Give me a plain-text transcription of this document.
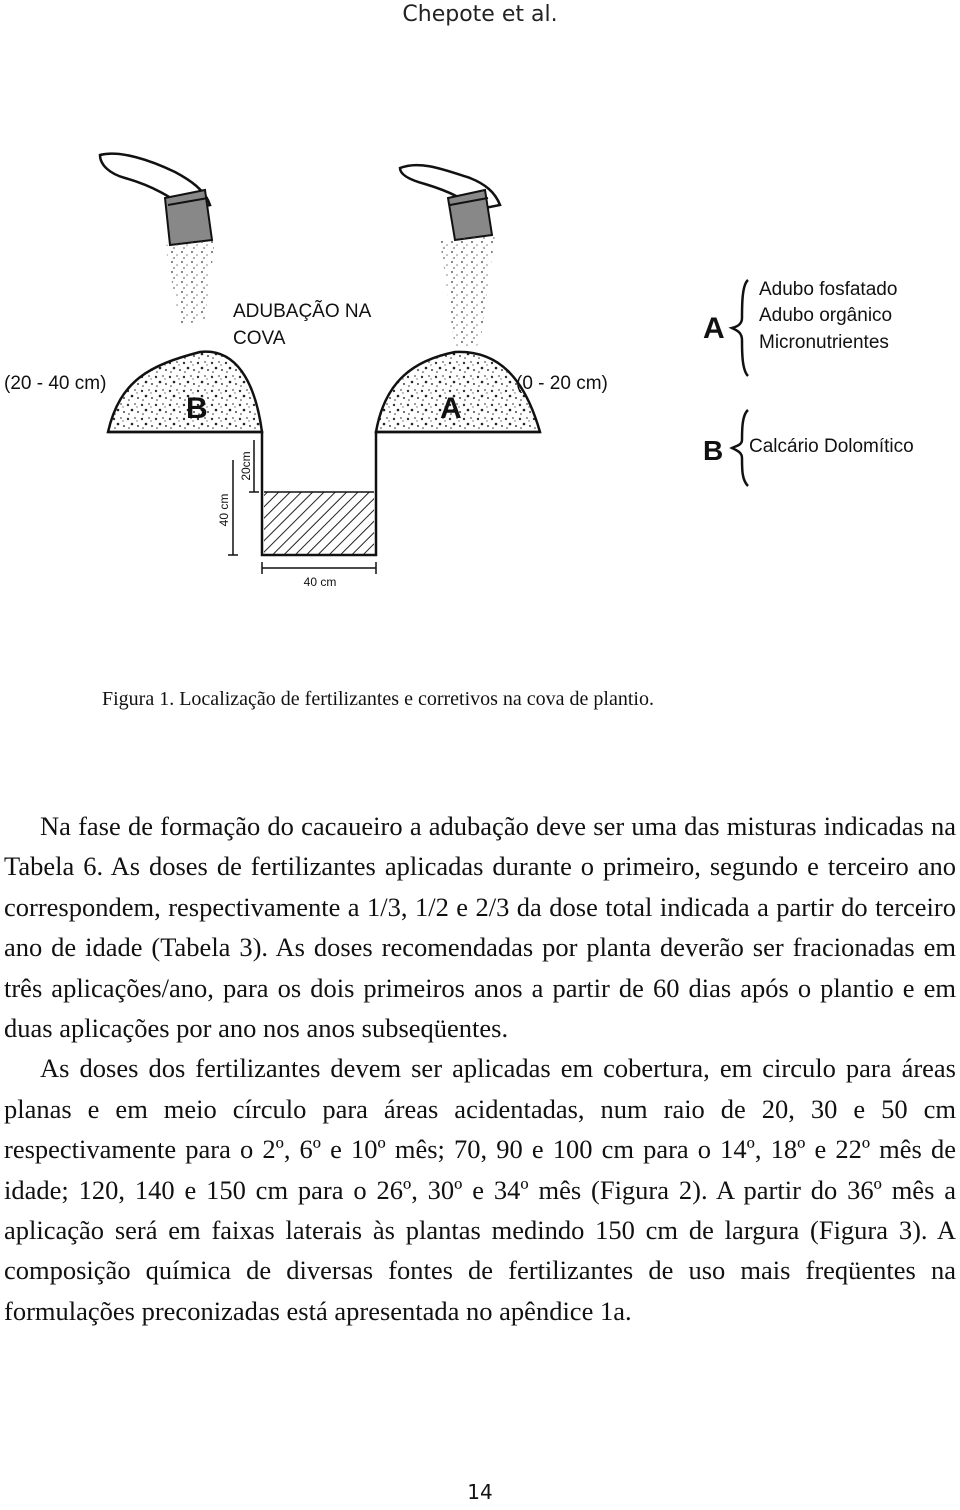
Chepote et al.
B	A
40 cm
20cm
40 cm
A
B
(20 - 40 cm)
ADUBAÇÃO NA
COVA
(0 - 20 cm)
Adubo fosfatado
Adubo orgânico
Micronutrientes
Calcário Dolomítico
Figura 1. Localização de fertilizantes e corretivos na cova de plantio.

Na fase de formação do cacaueiro a adubação deve ser uma das misturas indicadas na Tabela 6. As doses de fertilizantes aplicadas durante o primeiro, segundo e terceiro ano correspondem, respectivamente a 1/3, 1/2 e 2/3 da dose total indicada a partir do terceiro ano de idade (Tabela 3). As doses recomendadas por planta deverão ser fracionadas em três aplicações/ano, para os dois primeiros anos a partir de 60 dias após o plantio e em duas aplicações por ano nos anos subseqüentes.

As doses dos fertilizantes devem ser aplicadas em cobertura, em circulo para áreas planas e em meio círculo para áreas acidentadas, num raio de 20, 30 e 50 cm respectivamente para o 2º, 6º e 10º mês; 70, 90 e 100 cm para o 14º, 18º e 22º mês de idade; 120, 140 e 150 cm para o 26º, 30º e 34º mês (Figura 2). A partir do 36º mês a aplicação será em faixas laterais às plantas medindo 150 cm de largura (Figura 3). A composição química de diversas fontes de fertilizantes de uso mais freqüentes na formulações preconizadas está apresentada no apêndice 1a.

14
